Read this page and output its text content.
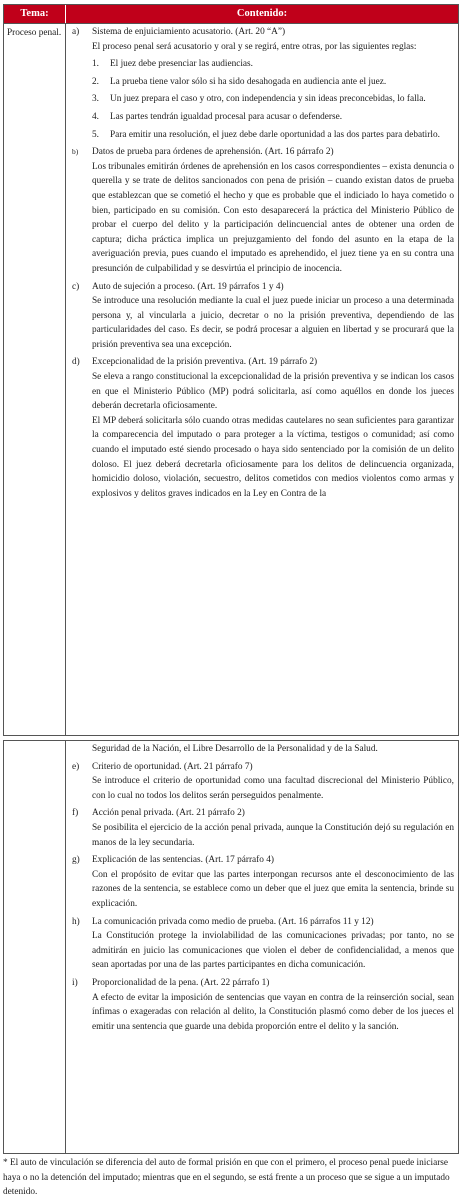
Tema:	Contenido:
Proceso penal.	a)	Sistema de enjuiciamiento acusatorio. (Art. 20 “A”)
El proceso penal será acusatorio y oral y se regirá, entre otras, por las siguientes reglas:
1.	El juez debe presenciar las audiencias.
2.	La prueba tiene valor sólo si ha sido desahogada en audiencia ante el juez.
3.	Un juez prepara el caso y otro, con independencia y sin ideas preconcebidas, lo falla.
4.	Las partes tendrán igualdad procesal para acusar o defenderse.
5.	Para emitir una resolución, el juez debe darle oportunidad a las dos partes para debatirlo.
b)	Datos de prueba para órdenes de aprehensión. (Art. 16 párrafo 2)
Los tribunales emitirán órdenes de aprehensión en los casos correspondientes – exista denuncia o querella y se trate de delitos sancionados con pena de prisión – cuando existan datos de prueba que establezcan que se cometió el hecho y que es probable que el indiciado lo haya cometido o bien, participado en su comisión. Con esto desaparecerá la práctica del Ministerio Público de probar el cuerpo del delito y la participación delincuencial antes de obtener una orden de captura; dicha práctica implica un prejuzgamiento del fondo del asunto en la etapa de la averiguación previa, pues cuando el imputado es aprehendido, el juez tiene ya en su contra una presunción de culpabilidad y se desvirtúa el principio de inocencia.
c)	Auto de sujeción a proceso. (Art. 19 párrafos 1 y 4)
Se introduce una resolución mediante la cual el juez puede iniciar un proceso a una determinada persona y, al vincularla a juicio, decretar o no la prisión preventiva, dependiendo de las particularidades del caso. Es decir, se podrá procesar a alguien en libertad y se procurará que la prisión preventiva sea una excepción.
d)	Excepcionalidad de la prisión preventiva. (Art. 19 párrafo 2)
Se eleva a rango constitucional la excepcionalidad de la prisión preventiva y se indican los casos en que el Ministerio Público (MP) podrá solicitarla, así como aquéllos en donde los jueces deberán decretarla oficiosamente.
El MP deberá solicitarla sólo cuando otras medidas cautelares no sean suficientes para garantizar la comparecencia del imputado o para proteger a la víctima, testigos o comunidad; así como cuando el imputado esté siendo procesado o haya sido sentenciado por la comisión de un delito doloso. El juez deberá decretarla oficiosamente para los delitos de delincuencia organizada, homicidio doloso, violación, secuestro, delitos cometidos con medios violentos como armas y explosivos y delitos graves indicados en la Ley en Contra de la
Seguridad de la Nación, el Libre Desarrollo de la Personalidad y de la Salud.
e)	Criterio de oportunidad. (Art. 21 párrafo 7)
Se introduce el criterio de oportunidad como una facultad discrecional del Ministerio Público, con lo cual no todos los delitos serán perseguidos penalmente.
f)	Acción penal privada. (Art. 21 párrafo 2)
Se posibilita el ejercicio de la acción penal privada, aunque la Constitución dejó su regulación en manos de la ley secundaria.
g)	Explicación de las sentencias. (Art. 17 párrafo 4)
Con el propósito de evitar que las partes interpongan recursos ante el desconocimiento de las razones de la sentencia, se establece como un deber que el juez que emita la sentencia, brinde su explicación.
h)	La comunicación privada como medio de prueba. (Art. 16 párrafos 11 y 12)
La Constitución protege la inviolabilidad de las comunicaciones privadas; por tanto, no se admitirán en juicio las comunicaciones que violen el deber de confidencialidad, a menos que sean aportadas por una de las partes participantes en dicha comunicación.
i)	Proporcionalidad de la pena. (Art. 22 párrafo 1)
A efecto de evitar la imposición de sentencias que vayan en contra de la reinserción social, sean ínfimas o exageradas con relación al delito, la Constitución plasmó como deber de los jueces el emitir una sentencia que guarde una debida proporción entre el delito y la sanción.
* El auto de vinculación se diferencia del auto de formal prisión en que con el primero, el proceso penal puede iniciarse haya o no la detención del imputado; mientras que en el segundo, se está frente a un proceso que se sigue a un imputado detenido.
